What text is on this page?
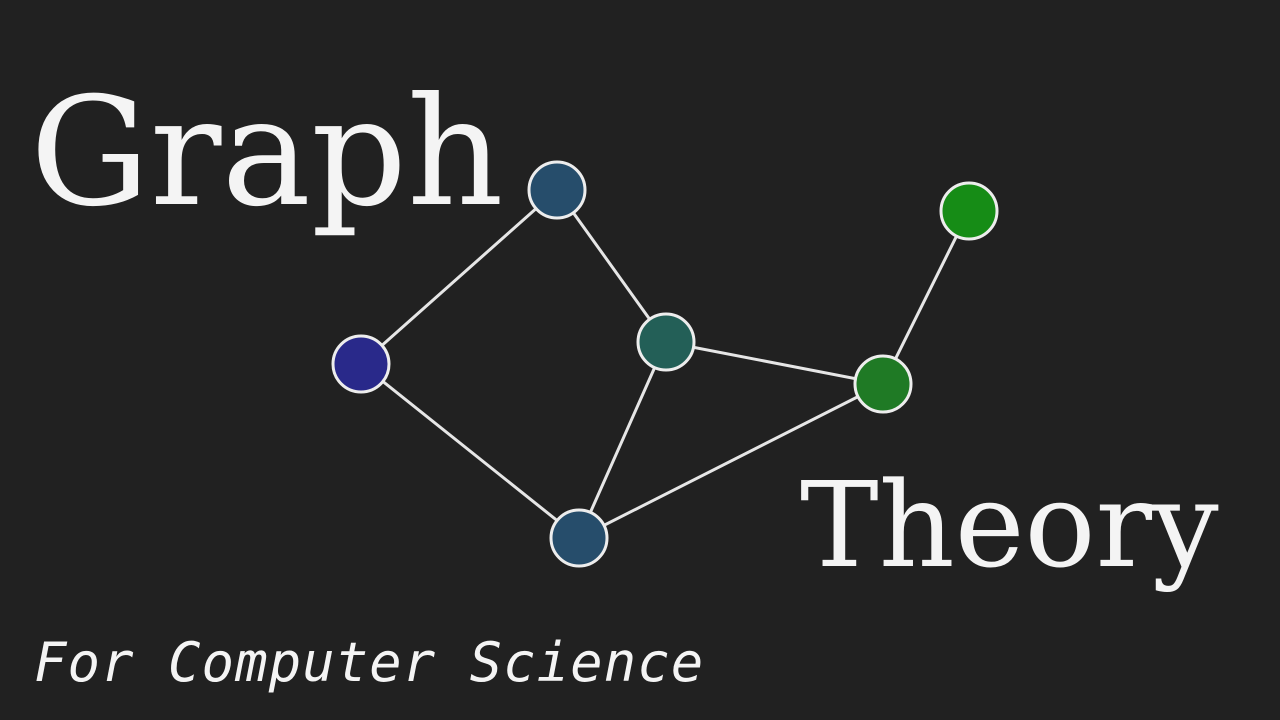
Graph
Theory
For Computer Science
